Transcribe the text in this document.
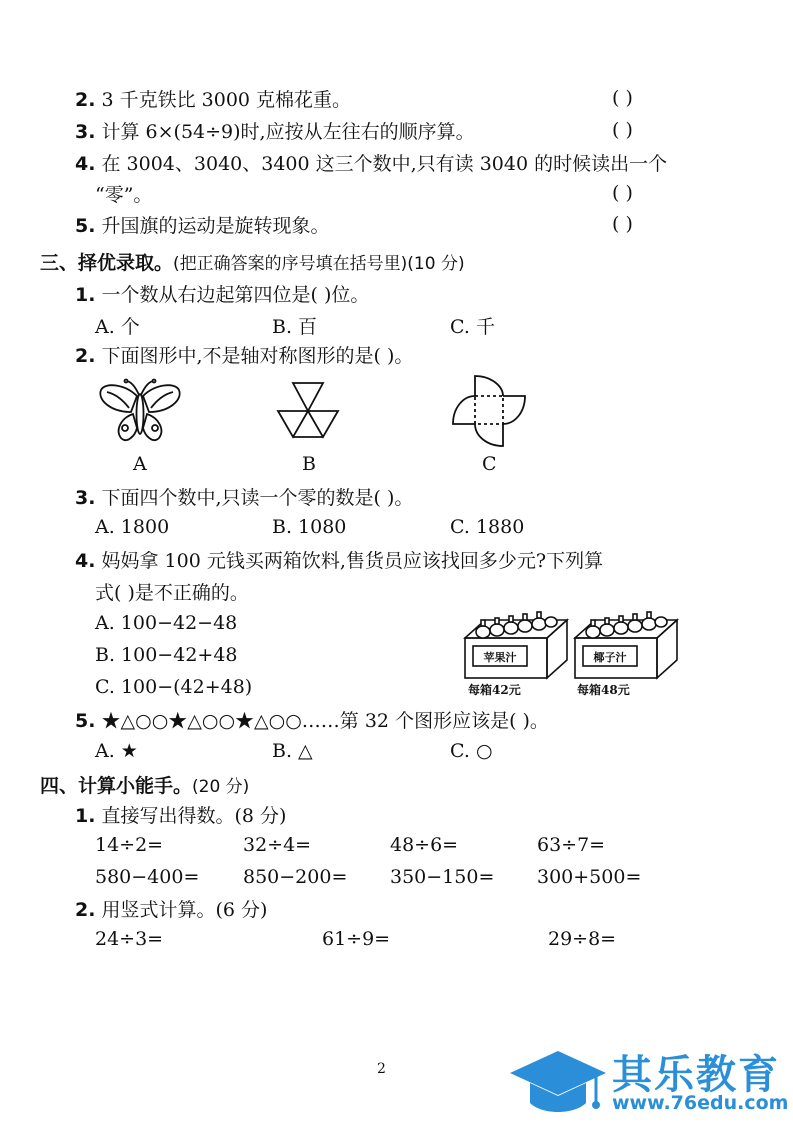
2. 3 千克铁比 3000 克棉花重。	( )
3. 计算 6×(54÷9)时,应按从左往右的顺序算。	( )
4. 在 3004、3040、3400 这三个数中,只有读 3040 的时候读出一个
“零”。	( )
5. 升国旗的运动是旋转现象。	( )
三、择优录取。(把正确答案的序号填在括号里)(10 分)
1. 一个数从右边起第四位是( )位。
A. 个	B. 百	C. 千
2. 下面图形中,不是轴对称图形的是( )。
A	B	C
3. 下面四个数中,只读一个零的数是( )。
A. 1800	B. 1080	C. 1880
4. 妈妈拿 100 元钱买两箱饮料,售货员应该找回多少元?下列算
式( )是不正确的。
A. 100−42−48
B. 100−42+48
C. 100−(42+48)
苹果汁	椰子汁
每箱42元	每箱48元
5. ★△○○★△○○★△○○……第 32 个图形应该是( )。
A. ★	B. △	C. ○
四、计算小能手。(20 分)
1. 直接写出得数。(8 分)
14÷2=	32÷4=	48÷6=	63÷7=
580−400= 850−200= 350−150= 300+500=
2. 用竖式计算。(6 分)
24÷3=	61÷9=	29÷8=
2	其乐教育
www.76edu.com
